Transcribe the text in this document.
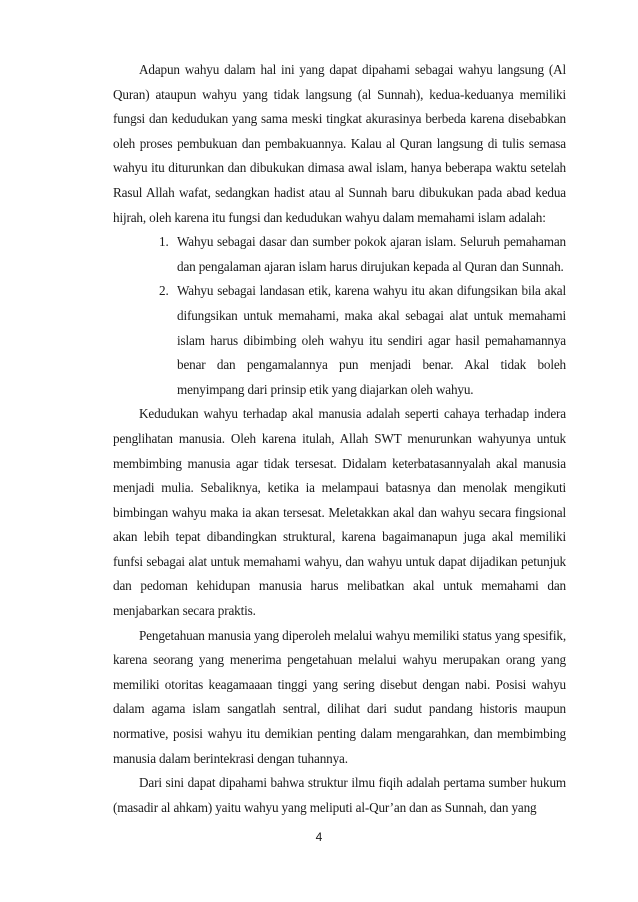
Adapun wahyu dalam hal ini yang dapat dipahami sebagai wahyu langsung (Al Quran) ataupun wahyu yang tidak langsung (al Sunnah), kedua-keduanya memiliki fungsi dan kedudukan yang sama meski tingkat akurasinya berbeda karena disebabkan oleh proses pembukuan dan pembakuannya. Kalau al Quran langsung di tulis semasa wahyu itu diturunkan dan dibukukan dimasa awal islam, hanya beberapa waktu setelah Rasul Allah wafat, sedangkan hadist atau al Sunnah baru dibukukan pada abad kedua hijrah, oleh karena itu fungsi dan kedudukan wahyu dalam memahami islam adalah:

1. Wahyu sebagai dasar dan sumber pokok ajaran islam. Seluruh pemahaman dan pengalaman ajaran islam harus dirujukan kepada al Quran dan Sunnah.
2. Wahyu sebagai landasan etik, karena wahyu itu akan difungsikan bila akal difungsikan untuk memahami, maka akal sebagai alat untuk memahami islam harus dibimbing oleh wahyu itu sendiri agar hasil pemahamannya benar dan pengamalannya pun menjadi benar. Akal tidak boleh menyimpang dari prinsip etik yang diajarkan oleh wahyu.

Kedudukan wahyu terhadap akal manusia adalah seperti cahaya terhadap indera penglihatan manusia. Oleh karena itulah, Allah SWT menurunkan wahyunya untuk membimbing manusia agar tidak tersesat. Didalam keterbatasannyalah akal manusia menjadi mulia. Sebaliknya, ketika ia melampaui batasnya dan menolak mengikuti bimbingan wahyu maka ia akan tersesat. Meletakkan akal dan wahyu secara fingsional akan lebih tepat dibandingkan struktural, karena bagaimanapun juga akal memiliki funfsi sebagai alat untuk memahami wahyu, dan wahyu untuk dapat dijadikan petunjuk dan pedoman kehidupan manusia harus melibatkan akal untuk memahami dan menjabarkan secara praktis.

Pengetahuan manusia yang diperoleh melalui wahyu memiliki status yang spesifik, karena seorang yang menerima pengetahuan melalui wahyu merupakan orang yang memiliki otoritas keagamaaan tinggi yang sering disebut dengan nabi. Posisi wahyu dalam agama islam sangatlah sentral, dilihat dari sudut pandang historis maupun normative, posisi wahyu itu demikian penting dalam mengarahkan, dan membimbing manusia dalam berintekrasi dengan tuhannya.

Dari sini dapat dipahami bahwa struktur ilmu fiqih adalah pertama sumber hukum (masadir al ahkam) yaitu wahyu yang meliputi al-Qur’an dan as Sunnah, dan yang

4
